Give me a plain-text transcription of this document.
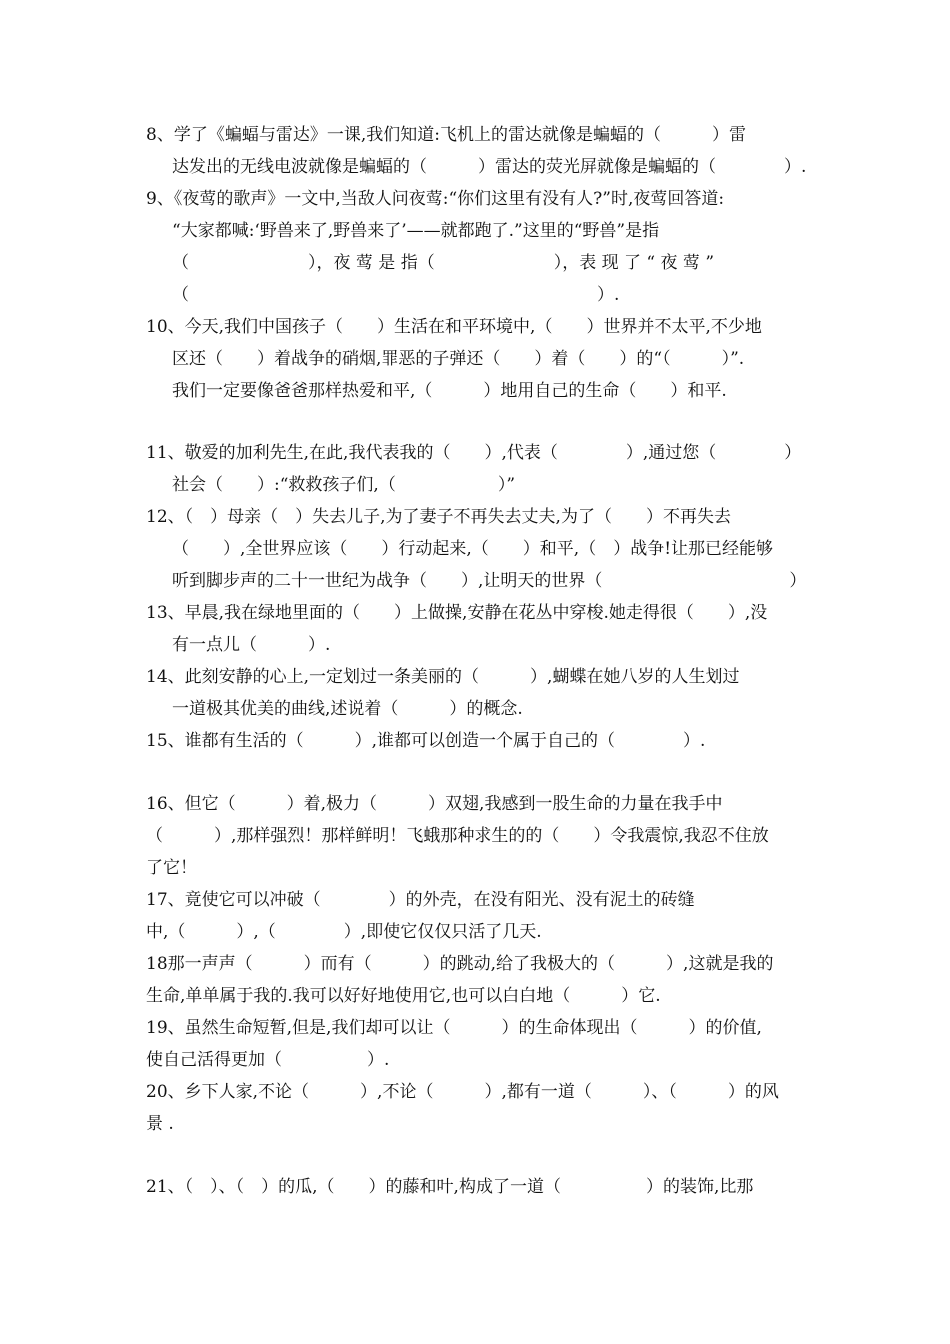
8、学了《蝙蝠与雷达》一课,我们知道:飞机上的雷达就像是蝙蝠的（　　　）雷

达发出的无线电波就像是蝙蝠的（　　　）雷达的荧光屏就像是蝙蝠的（　　　　）.

9、《夜莺的歌声》一文中,当敌人问夜莺:“你们这里有没有人?”时,夜莺回答道:

“大家都喊:‘野兽来了,野兽来了’——就都跑了.”这里的“野兽”是指

（　　　　　　　），夜 莺 是 指（　　　　　　　），表 现 了 “ 夜 莺 ”

（　　　　　　　　　　　　　　　　　　　　　　　　）.

10、今天,我们中国孩子（　　）生活在和平环境中,（　　）世界并不太平,不少地

区还（　　）着战争的硝烟,罪恶的子弹还（　　）着（　　）的“（　　　）”.

我们一定要像爸爸那样热爱和平,（　　　）地用自己的生命（　　）和平.

11、敬爱的加利先生,在此,我代表我的（　　）,代表（　　　　）,通过您（　　　　）

社会（　　）:“救救孩子们,（　　　　　　）”

12、（　）母亲（　）失去儿子,为了妻子不再失去丈夫,为了（　　）不再失去

（　　）,全世界应该（　　）行动起来,（　　）和平,（　）战争!让那已经能够

听到脚步声的二十一世纪为战争（　　）,让明天的世界（　　　　　　　　　　　）

13、早晨,我在绿地里面的（　　）上做操,安静在花丛中穿梭.她走得很（　　）,没

有一点儿（　　　）.

14、此刻安静的心上,一定划过一条美丽的（　　　）,蝴蝶在她八岁的人生划过

一道极其优美的曲线,述说着（　　　）的概念.

15、谁都有生活的（　　　）,谁都可以创造一个属于自己的（　　　　）.

16、但它（　　　）着,极力（　　　）双翅,我感到一股生命的力量在我手中

（　　　）,那样强烈！那样鲜明！飞蛾那种求生的的（　　）令我震惊,我忍不住放

了它！

17、竟使它可以冲破（　　　　）的外壳，在没有阳光、没有泥土的砖缝

中,（　　　）,（　　　　）,即使它仅仅只活了几天.

18那一声声（　　　）而有（　　　）的跳动,给了我极大的（　　　）,这就是我的

生命,单单属于我的.我可以好好地使用它,也可以白白地（　　　）它.

19、虽然生命短暂,但是,我们却可以让（　　　）的生命体现出（　　　）的价值,

使自己活得更加（　　　　　）.

20、乡下人家,不论（　　　）,不论（　　　）,都有一道（　　　）、（　　　）的风

景 .

21、（　）、（　）的瓜,（　　）的藤和叶,构成了一道（　　　　　）的装饰,比那
